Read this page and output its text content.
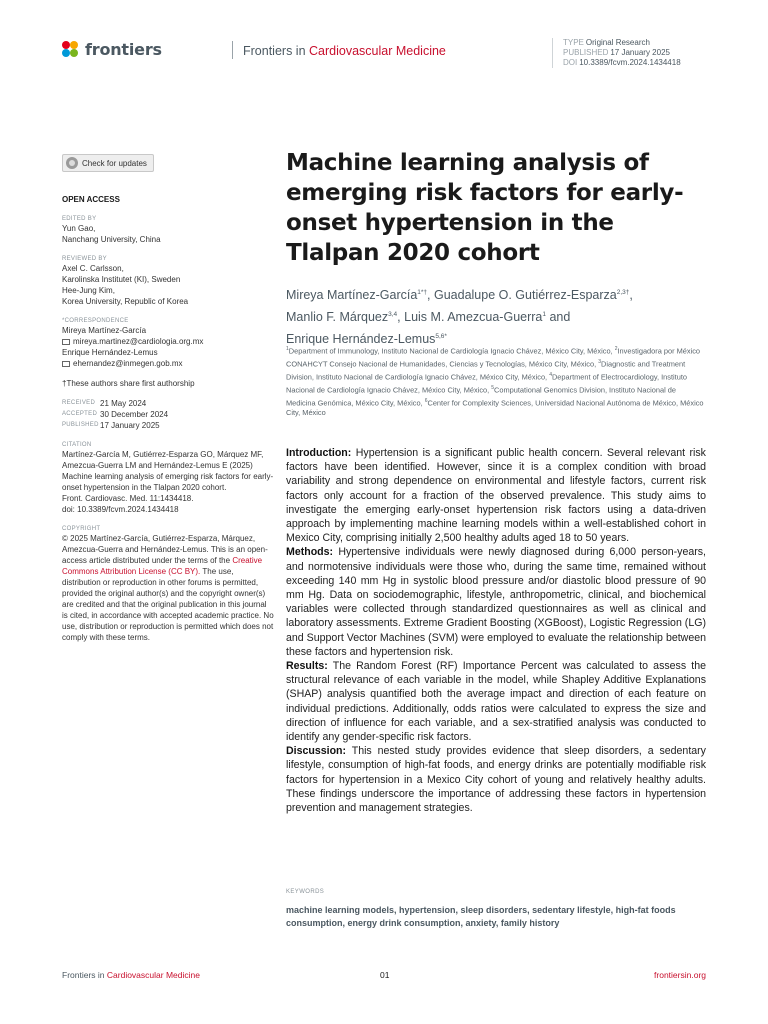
frontiers	Frontiers in Cardiovascular Medicine
TYPE Original Research
PUBLISHED 17 January 2025
DOI 10.3389/fcvm.2024.1434418
Check for updates
OPEN ACCESS
EDITED BY
Yun Gao,
Nanchang University, China
REVIEWED BY
Axel C. Carlsson,
Karolinska Institutet (KI), Sweden
Hee-Jung Kim,
Korea University, Republic of Korea
*CORRESPONDENCE
Mireya Martínez-García
mireya.martinez@cardiologia.org.mx
Enrique Hernández-Lemus
ehernandez@inmegen.gob.mx
†These authors share first authorship
RECEIVED 21 May 2024
ACCEPTED 30 December 2024
PUBLISHED 17 January 2025
CITATION
Martínez-García M, Gutiérrez-Esparza GO, Márquez MF, Amezcua-Guerra LM and Hernández-Lemus E (2025) Machine learning analysis of emerging risk factors for early-onset hypertension in the Tlalpan 2020 cohort.
Front. Cardiovasc. Med. 11:1434418.
doi: 10.3389/fcvm.2024.1434418
COPYRIGHT
© 2025 Martínez-García, Gutiérrez-Esparza, Márquez, Amezcua-Guerra and Hernández-Lemus. This is an open-access article distributed under the terms of the Creative Commons Attribution License (CC BY). The use, distribution or reproduction in other forums is permitted, provided the original author(s) and the copyright owner(s) are credited and that the original publication in this journal is cited, in accordance with accepted academic practice. No use, distribution or reproduction is permitted which does not comply with these terms.
Machine learning analysis of emerging risk factors for early-onset hypertension in the Tlalpan 2020 cohort
Mireya Martínez-García$^{1*\dagger}$, Guadalupe O. Gutiérrez-Esparza$^{2,3\dagger}$,
Manlio F. Márquez$^{3,4}$, Luis M. Amezcua-Guerra$^1$ and
Enrique Hernández-Lemus$^{5,6*}$
$^1$Department of Immunology, Instituto Nacional de Cardiología Ignacio Chávez, México City, México, $^2$Investigadora por México CONAHCYT Consejo Nacional de Humanidades, Ciencias y Tecnologías, México City, México, $^3$Diagnostic and Treatment Division, Instituto Nacional de Cardiología Ignacio Chávez, México City, México, $^4$Department of Electrocardiology, Instituto Nacional de Cardiología Ignacio Chávez, México City, México, $^5$Computational Genomics Division, Instituto Nacional de Medicina Genómica, México City, México, $^6$Center for Complexity Sciences, Universidad Nacional Autónoma de México, México City, México

Introduction: Hypertension is a significant public health concern. Several relevant risk factors have been identified. However, since it is a complex condition with broad variability and strong dependence on environmental and lifestyle factors, current risk factors only account for a fraction of the observed prevalence. This study aims to investigate the emerging early-onset hypertension risk factors using a data-driven approach by implementing machine learning models within a well-established cohort in Mexico City, comprising initially 2,500 healthy adults aged 18 to 50 years.

Methods: Hypertensive individuals were newly diagnosed during 6,000 person-years, and normotensive individuals were those who, during the same time, remained without exceeding 140 mm Hg in systolic blood pressure and/or diastolic blood pressure of 90 mm Hg. Data on sociodemographic, lifestyle, anthropometric, clinical, and biochemical variables were collected through standardized questionnaires as well as clinical and laboratory assessments. Extreme Gradient Boosting (XGBoost), Logistic Regression (LG) and Support Vector Machines (SVM) were employed to evaluate the relationship between these factors and hypertension risk.

Results: The Random Forest (RF) Importance Percent was calculated to assess the structural relevance of each variable in the model, while Shapley Additive Explanations (SHAP) analysis quantified both the average impact and direction of each feature on individual predictions. Additionally, odds ratios were calculated to express the size and direction of influence for each variable, and a sex-stratified analysis was conducted to identify any gender-specific risk factors.

Discussion: This nested study provides evidence that sleep disorders, a sedentary lifestyle, consumption of high-fat foods, and energy drinks are potentially modifiable risk factors for hypertension in a Mexico City cohort of young and relatively healthy adults. These findings underscore the importance of addressing these factors in hypertension prevention and management strategies.

KEYWORDS
machine learning models, hypertension, sleep disorders, sedentary lifestyle, high-fat foods consumption, energy drink consumption, anxiety, family history
Frontiers in Cardiovascular Medicine	01	frontiersin.org
